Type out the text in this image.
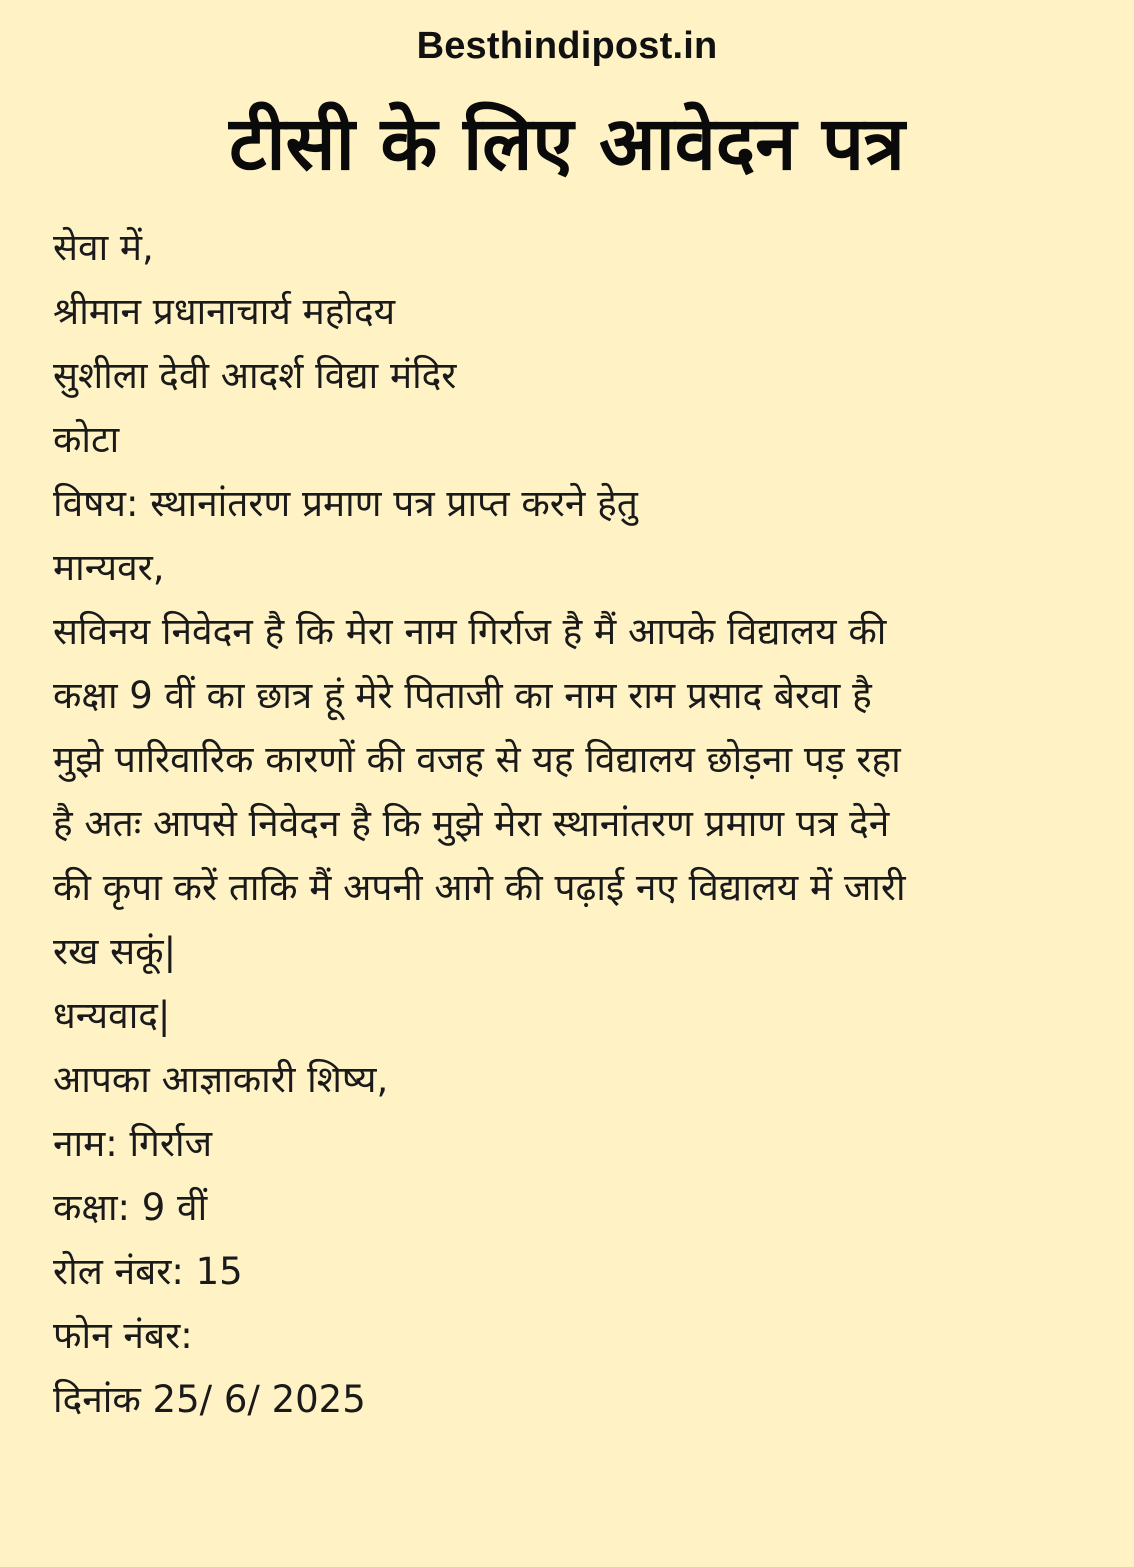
Besthindipost.in
टीसी के लिए आवेदन पत्र
सेवा में,
श्रीमान प्रधानाचार्य महोदय
सुशीला देवी आदर्श विद्या मंदिर
कोटा
विषय: स्थानांतरण प्रमाण पत्र प्राप्त करने हेतु
मान्यवर,
सविनय निवेदन है कि मेरा नाम गिर्राज है मैं आपके विद्यालय की
कक्षा 9 वीं का छात्र हूं मेरे पिताजी का नाम राम प्रसाद बेरवा है
मुझे पारिवारिक कारणों की वजह से यह विद्यालय छोड़ना पड़ रहा
है अतः आपसे निवेदन है कि मुझे मेरा स्थानांतरण प्रमाण पत्र देने
की कृपा करें ताकि मैं अपनी आगे की पढ़ाई नए विद्यालय में जारी
रख सकूं|
धन्यवाद|
आपका आज्ञाकारी शिष्य,
नाम: गिर्राज
कक्षा: 9 वीं
रोल नंबर: 15
फोन नंबर:
दिनांक 25/ 6/ 2025
